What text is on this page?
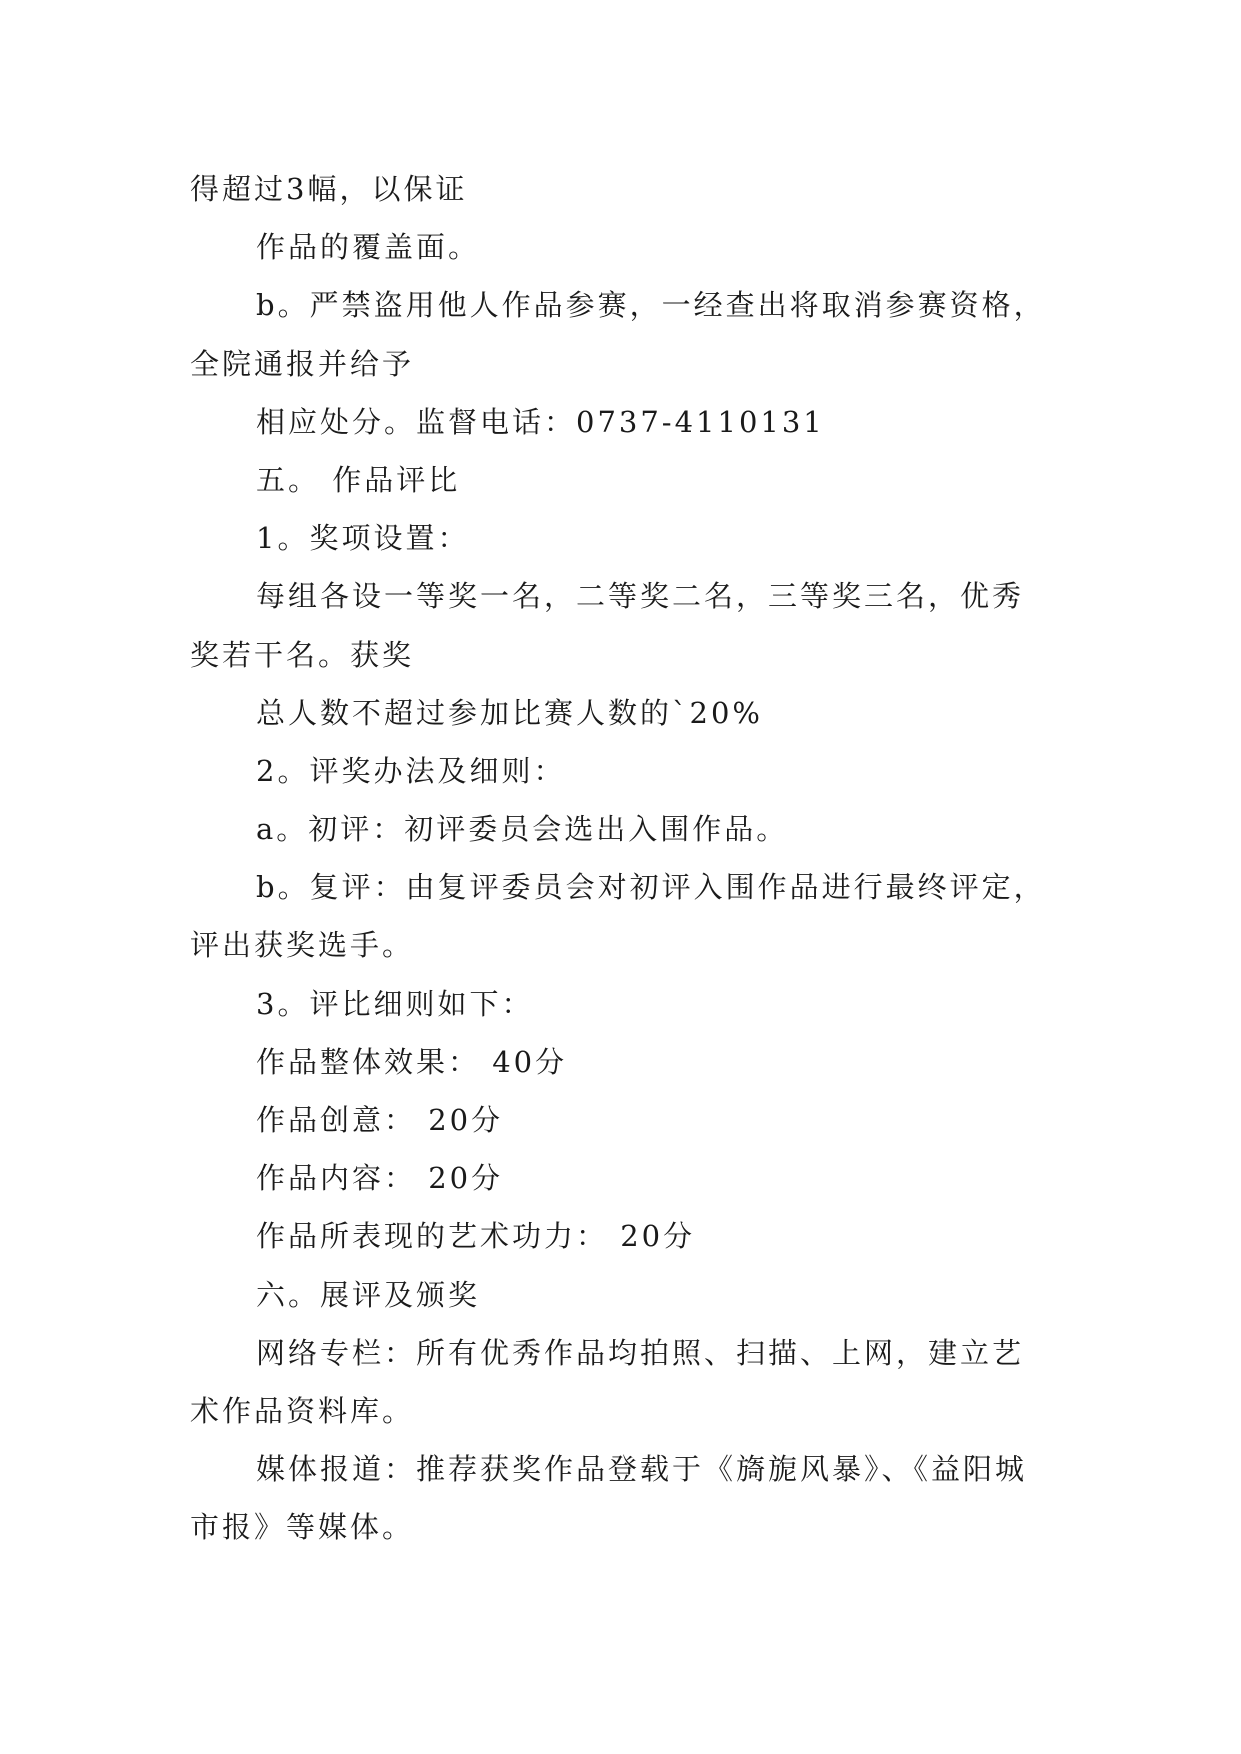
得超过3幅，以保证
作品的覆盖面。
b。严禁盗用他人作品参赛，一经查出将取消参赛资格，
全院通报并给予
相应处分。监督电话：0737-4110131
五。 作品评比
1。奖项设置：
每组各设一等奖一名，二等奖二名，三等奖三名，优秀
奖若干名。获奖
总人数不超过参加比赛人数的`20%
2。评奖办法及细则：
a。初评：初评委员会选出入围作品。
b。复评：由复评委员会对初评入围作品进行最终评定，
评出获奖选手。
3。评比细则如下：
作品整体效果： 40分
作品创意： 20分
作品内容： 20分
作品所表现的艺术功力： 20分
六。展评及颁奖
网络专栏：所有优秀作品均拍照、扫描、上网，建立艺
术作品资料库。
媒体报道：推荐获奖作品登载于《旖旎风暴》、《益阳城
市报》等媒体。
